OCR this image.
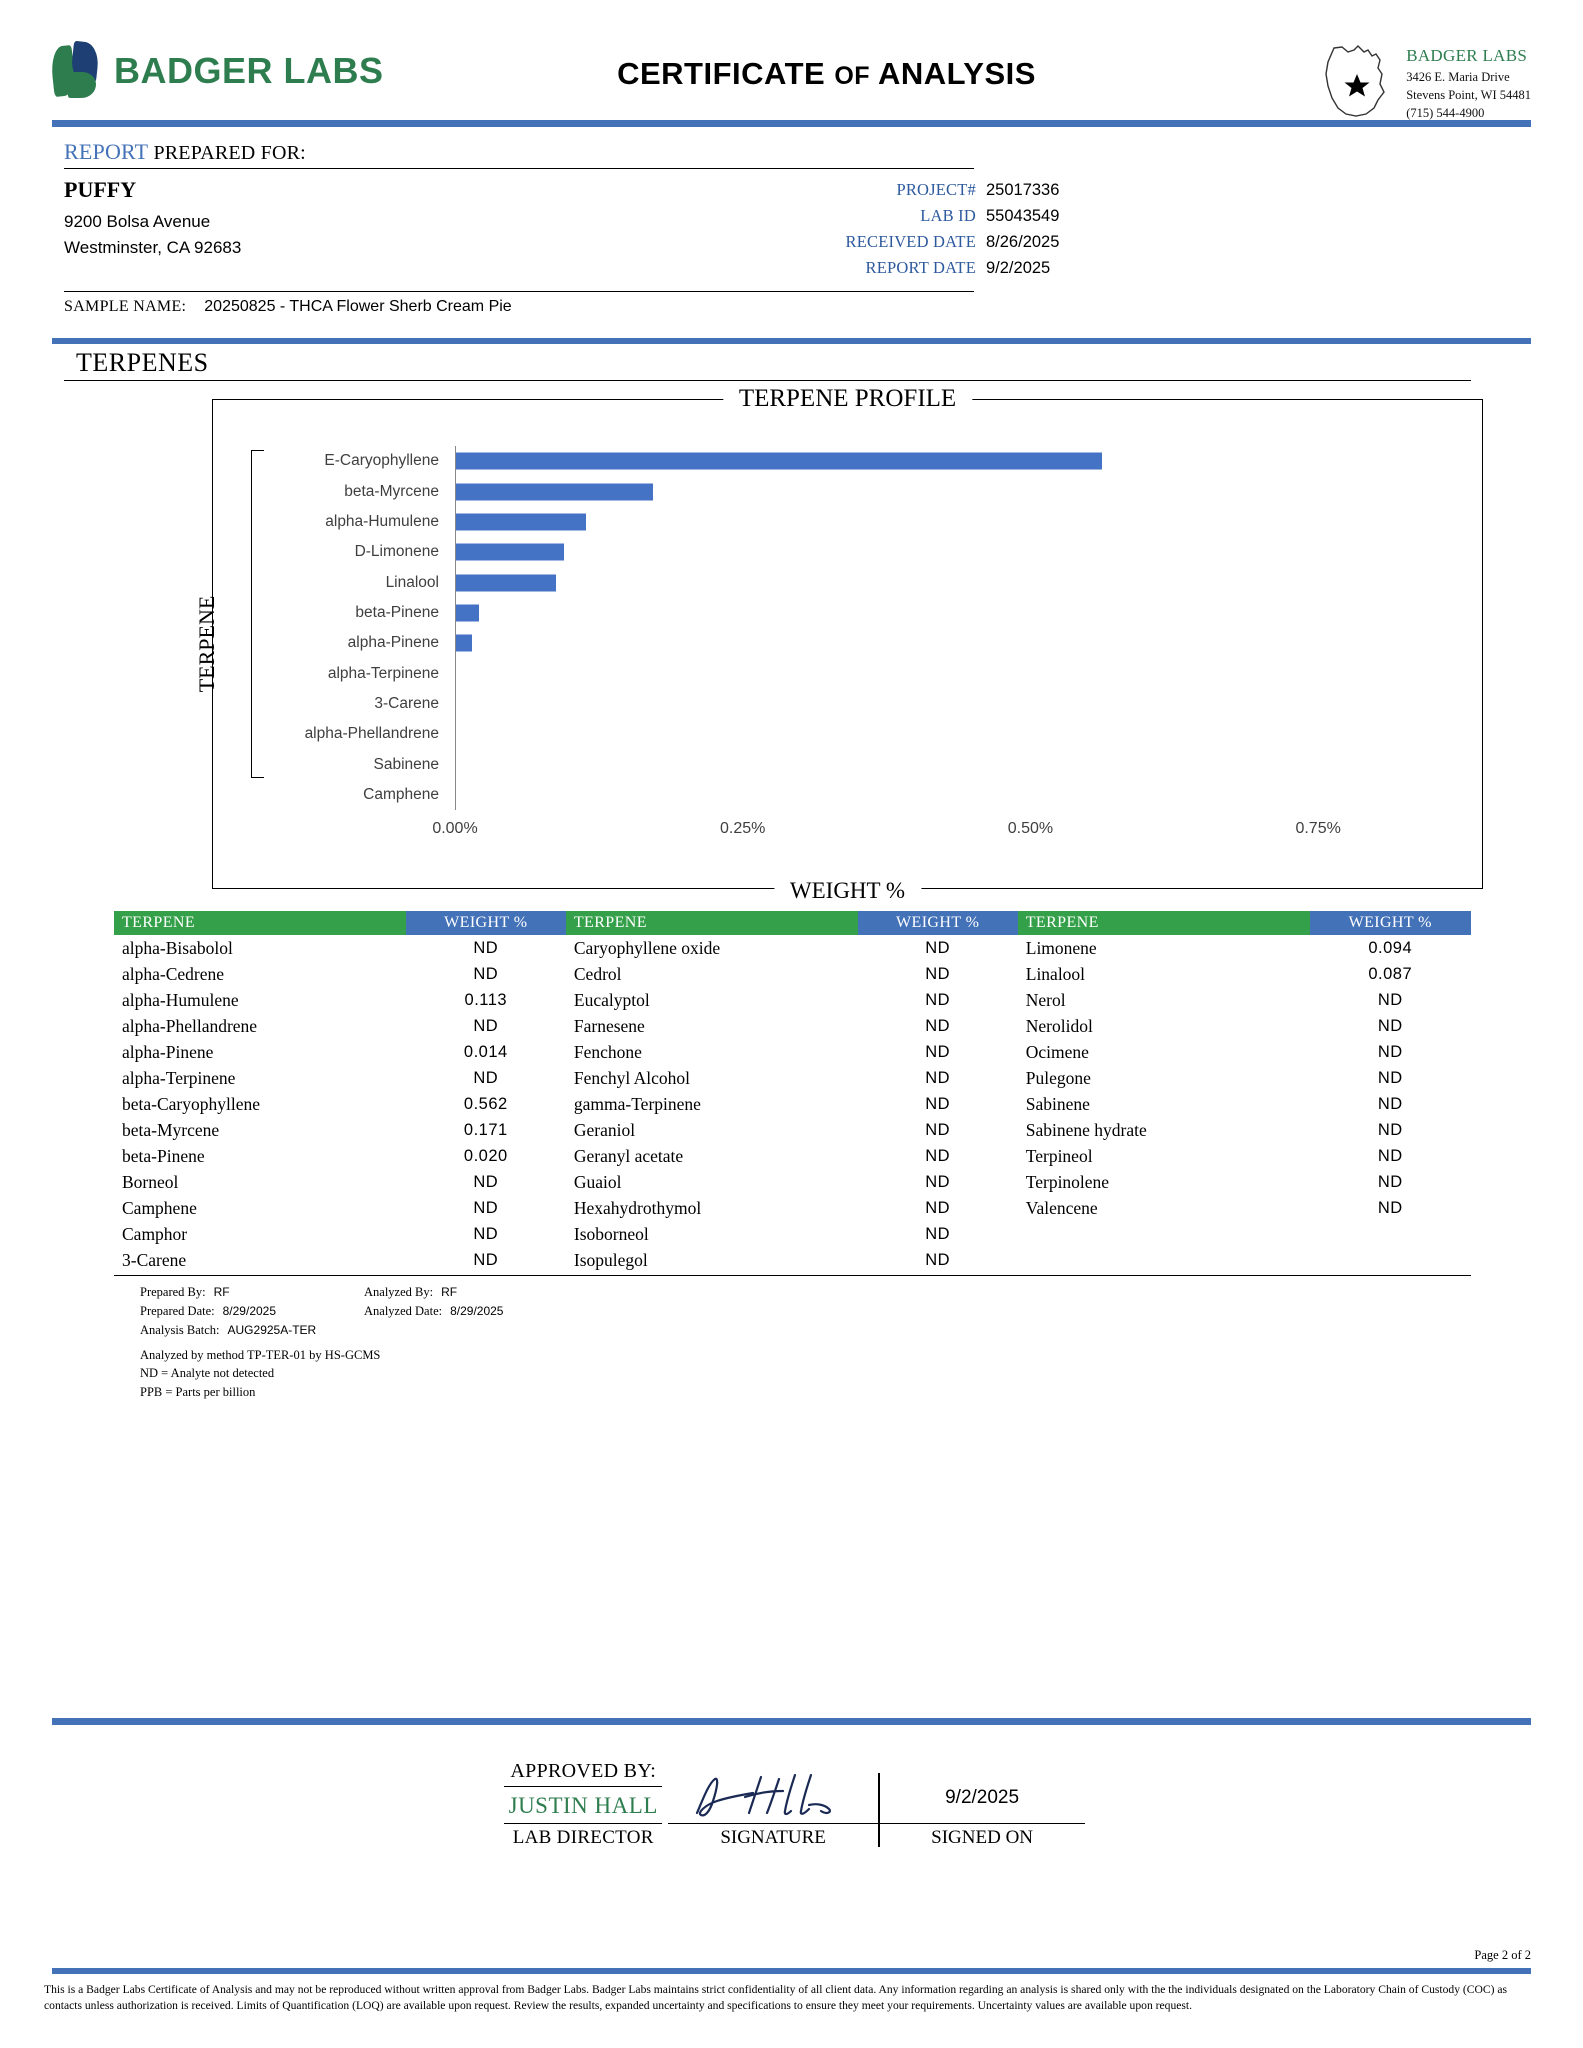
BADGER LABS	CERTIFICATE OF ANALYSIS
BADGER LABS
3426 E. Maria Drive
Stevens Point, WI 54481
(715) 544-4900
REPORT PREPARED FOR:
PUFFY
9200 Bolsa Avenue
Westminster, CA 92683
PROJECT# 25017336
LAB ID 55043549
RECEIVED DATE 8/26/2025
REPORT DATE 9/2/2025
SAMPLE NAME: 20250825 - THCA Flower Sherb Cream Pie
TERPENES
TERPENE PROFILE
TERPENE
WEIGHT %
E-Caryophyllene
beta-Myrcene
alpha-Humulene
D-Limonene
Linalool
beta-Pinene
alpha-Pinene
alpha-Terpinene
3-Carene
alpha-Phellandrene
Sabinene
Camphene
0.00%	0.25%	0.50%	0.75%
TERPENE	WEIGHT %	TERPENE	WEIGHT %	TERPENE	WEIGHT %
alpha-Bisabolol	ND	Caryophyllene oxide	ND	Limonene	0.094
alpha-Cedrene	ND	Cedrol	ND	Linalool	0.087
alpha-Humulene	0.113	Eucalyptol	ND	Nerol	ND
alpha-Phellandrene	ND	Farnesene	ND	Nerolidol	ND
alpha-Pinene	0.014	Fenchone	ND	Ocimene	ND
alpha-Terpinene	ND	Fenchyl Alcohol	ND	Pulegone	ND
beta-Caryophyllene	0.562	gamma-Terpinene	ND	Sabinene	ND
beta-Myrcene	0.171	Geraniol	ND	Sabinene hydrate	ND
beta-Pinene	0.020	Geranyl acetate	ND	Terpineol	ND
Borneol	ND	Guaiol	ND	Terpinolene	ND
Camphene	ND	Hexahydrothymol	ND	Valencene	ND
Camphor	ND	Isoborneol	ND		
3-Carene	ND	Isopulegol	ND		
Prepared By: RF	Analyzed By: RF
Prepared Date: 8/29/2025	Analyzed Date: 8/29/2025
Analysis Batch: AUG2925A-TER
Analyzed by method TP-TER-01 by HS-GCMS
ND = Analyte not detected
PPB = Parts per billion
APPROVED BY:
JUSTIN HALL
LAB DIRECTOR	SIGNATURE
9/2/2025
SIGNED ON
Page 2 of 2
This is a Badger Labs Certificate of Analysis and may not be reproduced without written approval from Badger Labs. Badger Labs maintains strict confidentiality of all client data. Any information regarding an analysis is shared only with the the individuals designated on the Laboratory Chain of Custody (COC) as contacts unless authorization is received. Limits of Quantification (LOQ) are available upon request. Review the results, expanded uncertainty and specifications to ensure they meet your requirements. Uncertainty values are available upon request.
